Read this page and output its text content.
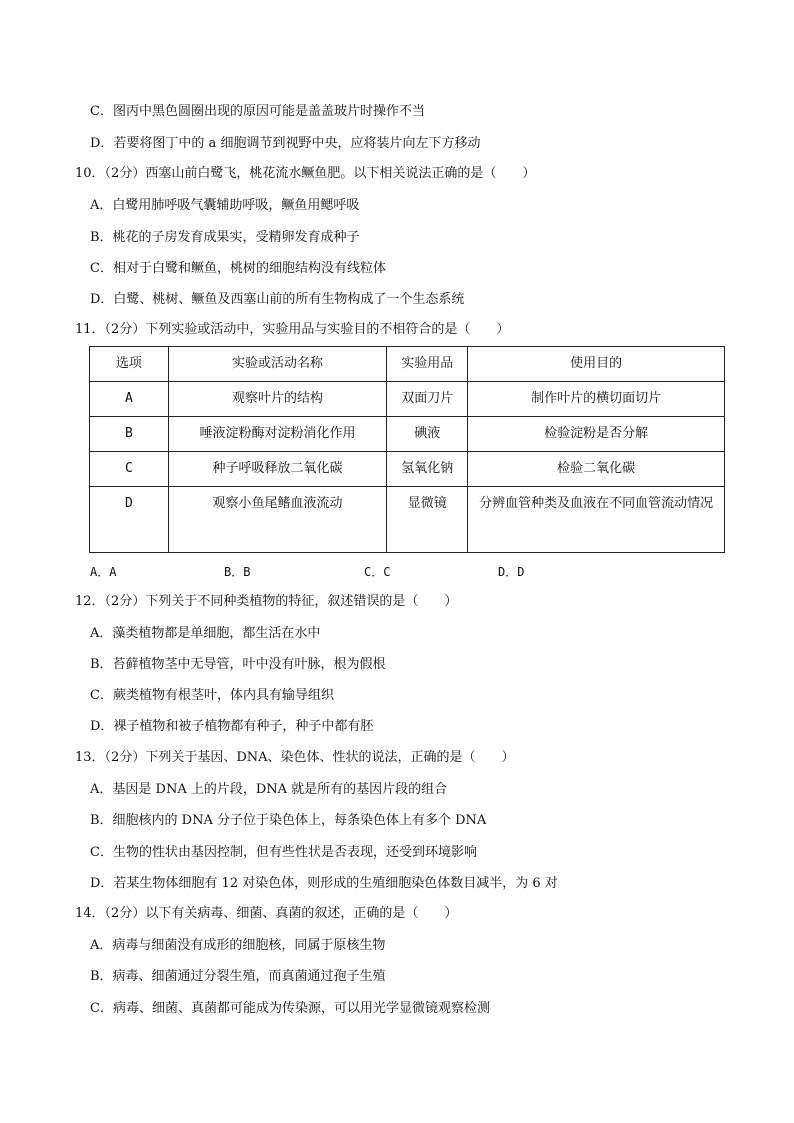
C．图丙中黑色圆圈出现的原因可能是盖盖玻片时操作不当
D．若要将图丁中的 a 细胞调节到视野中央，应将装片向左下方移动
10．（2分）西塞山前白鹭飞，桃花流水鳜鱼肥。以下相关说法正确的是（　　）
A．白鹭用肺呼吸气囊辅助呼吸，鳜鱼用鳃呼吸
B．桃花的子房发育成果实，受精卵发育成种子
C．相对于白鹭和鳜鱼，桃树的细胞结构没有线粒体
D．白鹭、桃树、鳜鱼及西塞山前的所有生物构成了一个生态系统
11．（2分）下列实验或活动中，实验用品与实验目的不相符合的是（　　）
选项	实验或活动名称	实验用品	使用目的
A	观察叶片的结构	双面刀片	制作叶片的横切面切片
B	唾液淀粉酶对淀粉消化作用	碘液	检验淀粉是否分解
C	种子呼吸释放二氧化碳	氢氧化钠	检验二氧化碳
D	观察小鱼尾鳍血液流动	显微镜	分辨血管种类及血液在不同血管流动情况
A．A	B．B	C．C	D．D
12．（2分）下列关于不同种类植物的特征，叙述错误的是（　　）
A．藻类植物都是单细胞，都生活在水中
B．苔藓植物茎中无导管，叶中没有叶脉，根为假根
C．蕨类植物有根茎叶，体内具有输导组织
D．裸子植物和被子植物都有种子，种子中都有胚
13．（2分）下列关于基因、DNA、染色体、性状的说法，正确的是（　　）
A．基因是 DNA 上的片段，DNA 就是所有的基因片段的组合
B．细胞核内的 DNA 分子位于染色体上，每条染色体上有多个 DNA
C．生物的性状由基因控制，但有些性状是否表现，还受到环境影响
D．若某生物体细胞有 12 对染色体，则形成的生殖细胞染色体数目减半，为 6 对
14．（2分）以下有关病毒、细菌、真菌的叙述，正确的是（　　）
A．病毒与细菌没有成形的细胞核，同属于原核生物
B．病毒、细菌通过分裂生殖，而真菌通过孢子生殖
C．病毒、细菌、真菌都可能成为传染源，可以用光学显微镜观察检测
